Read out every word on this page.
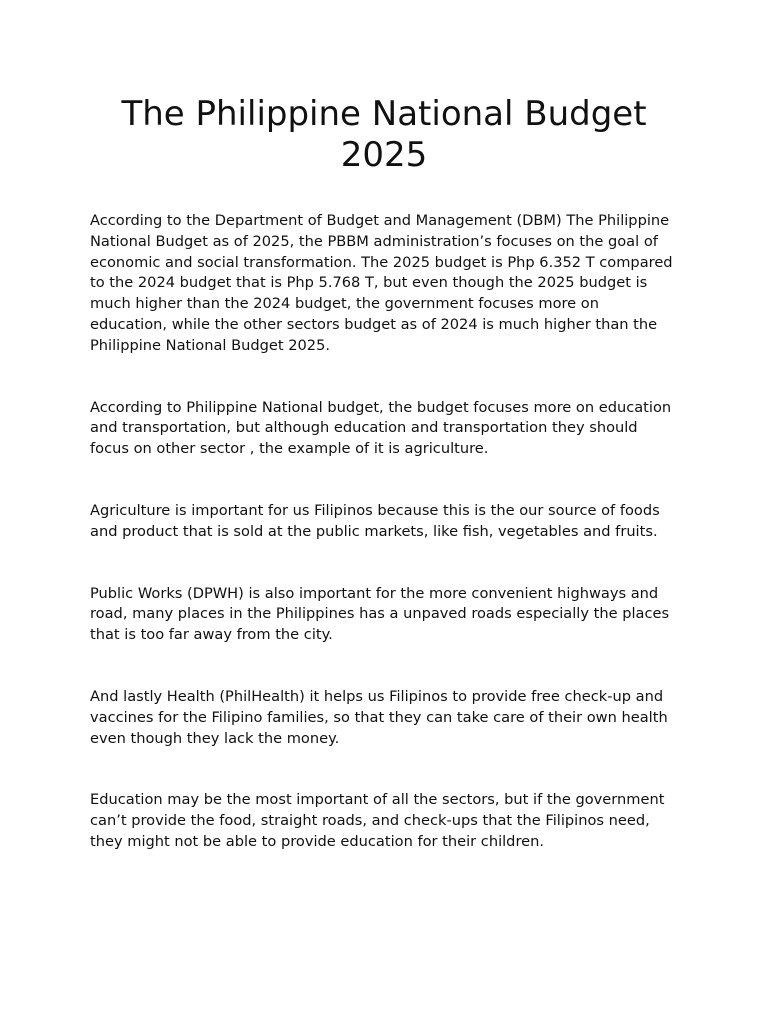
The Philippine National Budget 2025

According to the Department of Budget and Management (DBM) The Philippine National Budget as of 2025, the PBBM administration’s focuses on the goal of economic and social transformation. The 2025 budget is Php 6.352 T compared to the 2024 budget that is Php 5.768 T, but even though the 2025 budget is much higher than the 2024 budget, the government focuses more on education, while the other sectors budget as of 2024 is much higher than the Philippine National Budget 2025.

According to Philippine National budget, the budget focuses more on education and transportation, but although education and transportation they should focus on other sector , the example of it is agriculture.

Agriculture is important for us Filipinos because this is the our source of foods and product that is sold at the public markets, like fish, vegetables and fruits.

Public Works (DPWH) is also important for the more convenient highways and road, many places in the Philippines has a unpaved roads especially the places that is too far away from the city.

And lastly Health (PhilHealth) it helps us Filipinos to provide free check-up and vaccines for the Filipino families, so that they can take care of their own health even though they lack the money.

Education may be the most important of all the sectors, but if the government can’t provide the food, straight roads, and check-ups that the Filipinos need, they might not be able to provide education for their children.
